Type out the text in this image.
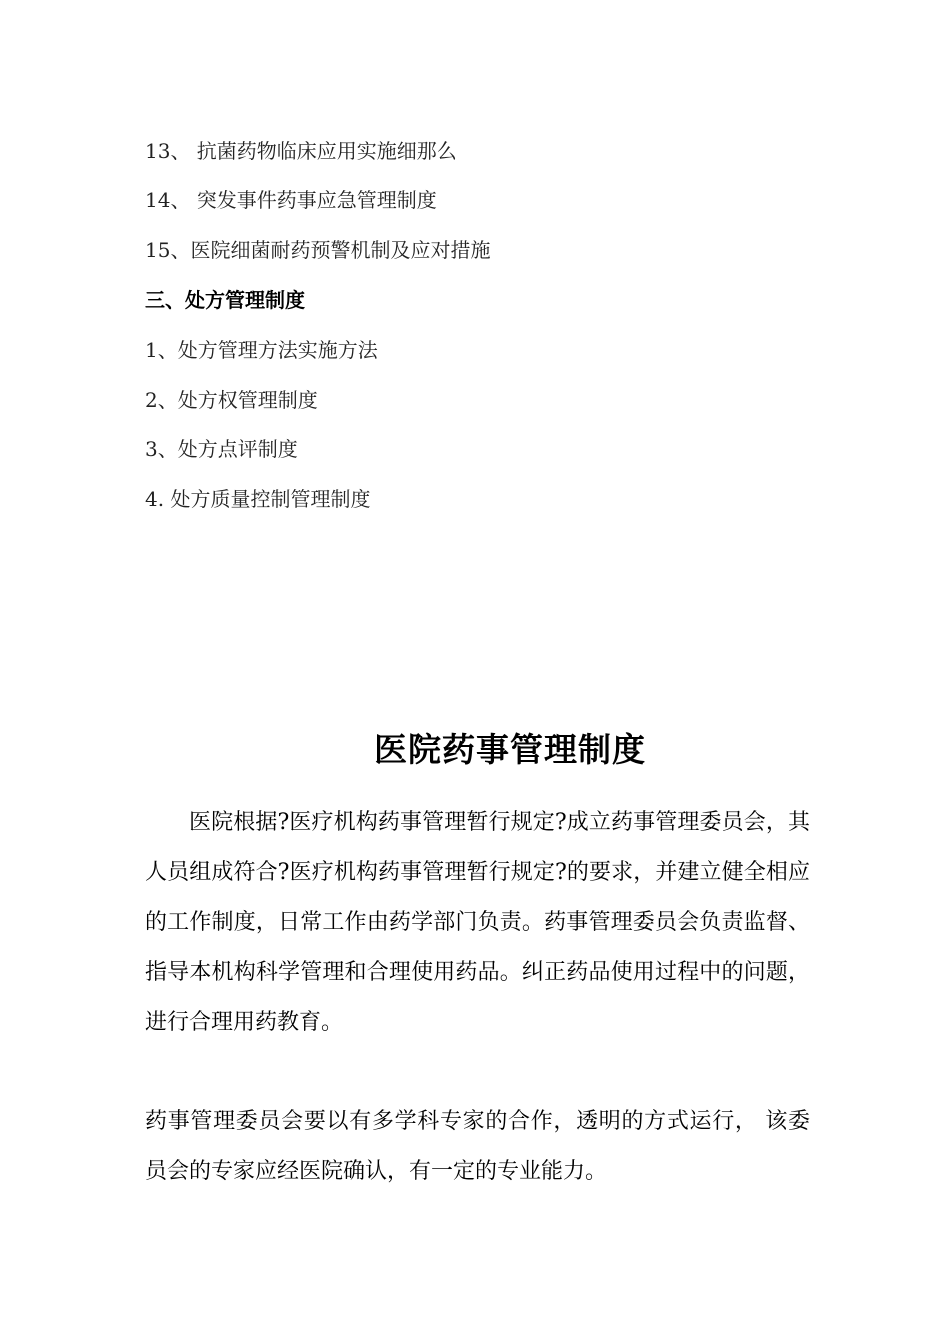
13、 抗菌药物临床应用实施细那么
14、 突发事件药事应急管理制度
15、医院细菌耐药预警机制及应对措施
三、处方管理制度
1、处方管理方法实施方法
2、处方权管理制度
3、处方点评制度
4. 处方质量控制管理制度
医院药事管理制度

医院根据?医疗机构药事管理暂行规定?成立药事管理委员会，其人员组成符合?医疗机构药事管理暂行规定?的要求，并建立健全相应的工作制度，日常工作由药学部门负责。药事管理委员会负责监督、指导本机构科学管理和合理使用药品。纠正药品使用过程中的问题，进行合理用药教育。

药事管理委员会要以有多学科专家的合作，透明的方式运行， 该委员会的专家应经医院确认，有一定的专业能力。
